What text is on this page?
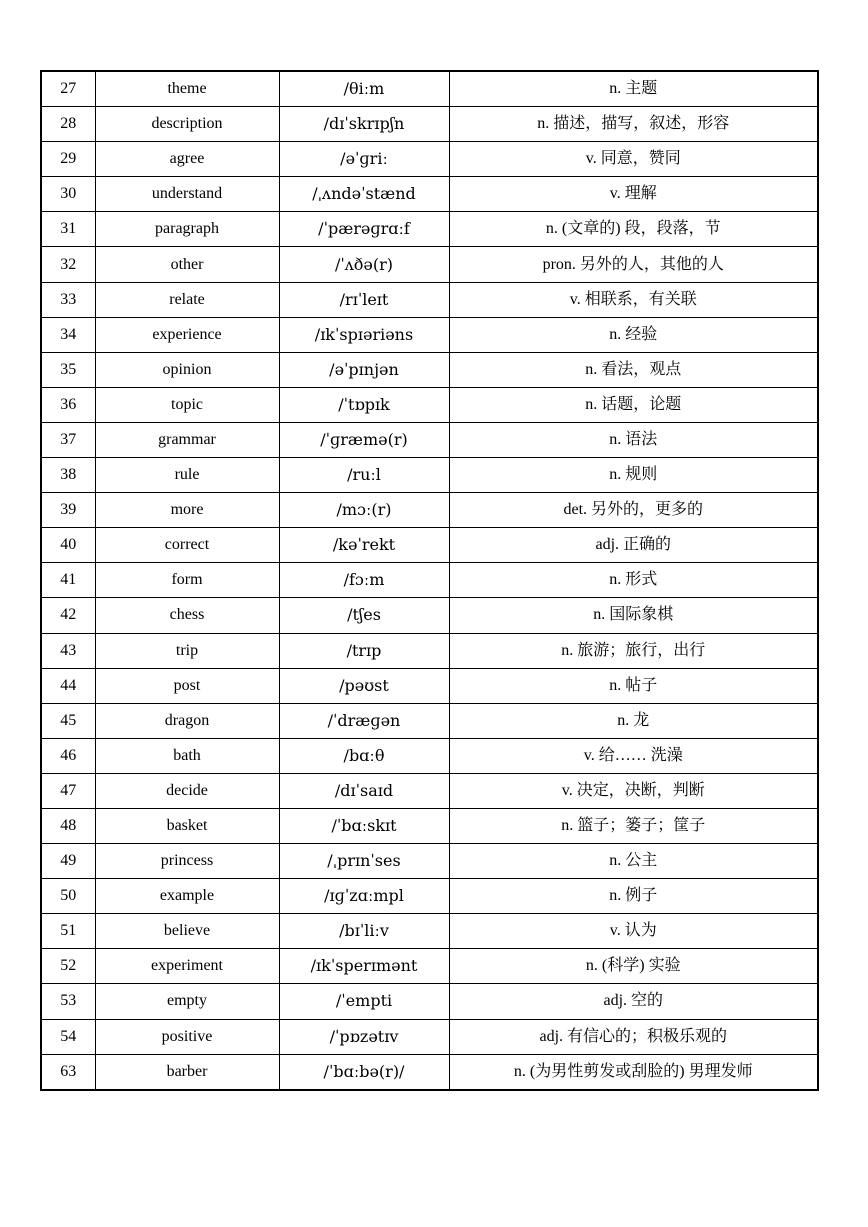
27	theme	/θiːm	n. 主题
28	description	/dɪˈskrɪpʃn	n. 描述，描写，叙述，形容
29	agree	/əˈɡriː	v. 同意，赞同
30	understand	/ˌʌndəˈstænd	v. 理解
31	paragraph	/ˈpærəɡrɑːf	n. (文章的) 段，段落，节
32	other	/ˈʌðə(r)	pron. 另外的人，其他的人
33	relate	/rɪˈleɪt	v. 相联系，有关联
34	experience	/ɪkˈspɪəriəns	n. 经验
35	opinion	/əˈpɪnjən	n. 看法，观点
36	topic	/ˈtɒpɪk	n. 话题，论题
37	grammar	/ˈɡræmə(r)	n. 语法
38	rule	/ruːl	n. 规则
39	more	/mɔː(r)	det. 另外的，更多的
40	correct	/kəˈrekt	adj. 正确的
41	form	/fɔːm	n. 形式
42	chess	/tʃes	n. 国际象棋
43	trip	/trɪp	n. 旅游；旅行，出行
44	post	/pəʊst	n. 帖子
45	dragon	/ˈdræɡən	n. 龙
46	bath	/bɑːθ	v. 给…… 洗澡
47	decide	/dɪˈsaɪd	v. 决定，决断，判断
48	basket	/ˈbɑːskɪt	n. 篮子；篓子；筐子
49	princess	/ˌprɪnˈses	n. 公主
50	example	/ɪɡˈzɑːmpl	n. 例子
51	believe	/bɪˈliːv	v. 认为
52	experiment	/ɪkˈsperɪmənt	n. (科学) 实验
53	empty	/ˈempti	adj. 空的
54	positive	/ˈpɒzətɪv	adj. 有信心的；积极乐观的
63	barber	/ˈbɑːbə(r)/	n. (为男性剪发或刮脸的) 男理发师
